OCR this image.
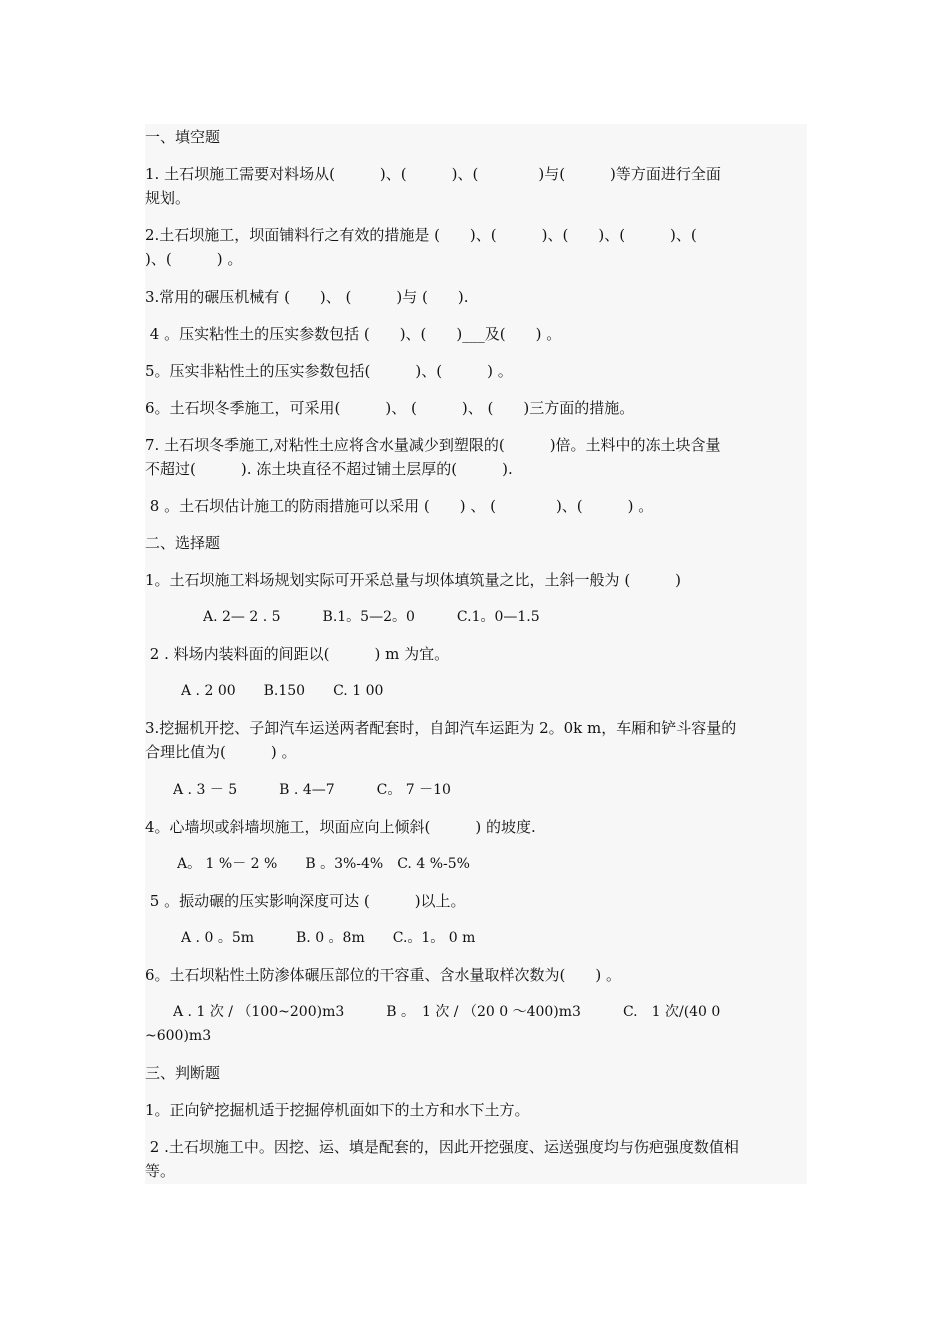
一、填空题
1. 土石坝施工需要对料场从(　　　)、(　　　)、(　　　　)与(　　　)等方面进行全面
规划。
2.土石坝施工，坝面铺料行之有效的措施是 (　　)、(　　　)、(　　)、(　　　)、(
)、(　　　) 。
3.常用的碾压机械有 (　　)、 (　　　)与 (　　).
4 。压实粘性土的压实参数包括 (　　)、(　　)___及(　　) 。
5。压实非粘性土的压实参数包括(　　　)、(　　　) 。
6。土石坝冬季施工，可采用(　　　)、 (　　　)、 (　　)三方面的措施。
7. 土石坝冬季施工,对粘性土应将含水量减少到塑限的(　　　)倍。土料中的冻土块含量
不超过(　　　). 冻土块直径不超过铺土层厚的(　　　).
8 。土石坝估计施工的防雨措施可以采用 (　　) 、 (　　　　)、(　　　) 。
二、选择题
1。土石坝施工料场规划实际可开采总量与坝体填筑量之比，土斜一般为 (　　　)
A. 2— 2 . 5　　　B.1。5—2。0　　　C.1。0—1.5
2 . 料场内装料面的间距以(　　　) m 为宜。
A . 2 00　　B.150　　C. 1 00
3.挖掘机开挖、子卸汽车运送两者配套时，自卸汽车运距为 2。0k m，车厢和铲斗容量的
合理比值为(　　　) 。
A . 3 － 5　　　B . 4—7　　　C。 7 －10
4。心墙坝或斜墙坝施工，坝面应向上倾斜(　　　) 的坡度.
A。 1 %－ 2 %　　B 。3%-4%　C. 4 %-5%
5 。振动碾的压实影响深度可达 (　　　)以上。
A . 0 。5m　　　B. 0 。8m　　C.。1。 0 m
6。土石坝粘性土防渗体碾压部位的干容重、含水量取样次数为(　　) 。
A . 1 次 / （100~200)m3　　　B 。　1 次 / （20 0 ～400)m3　　　C.　1 次/(40 0
~600)m3
三、判断题
1。正向铲挖掘机适于挖掘停机面如下的土方和水下土方。
2 .土石坝施工中。因挖、运、填是配套的，因此开挖强度、运送强度均与伤疤强度数值相
等。
